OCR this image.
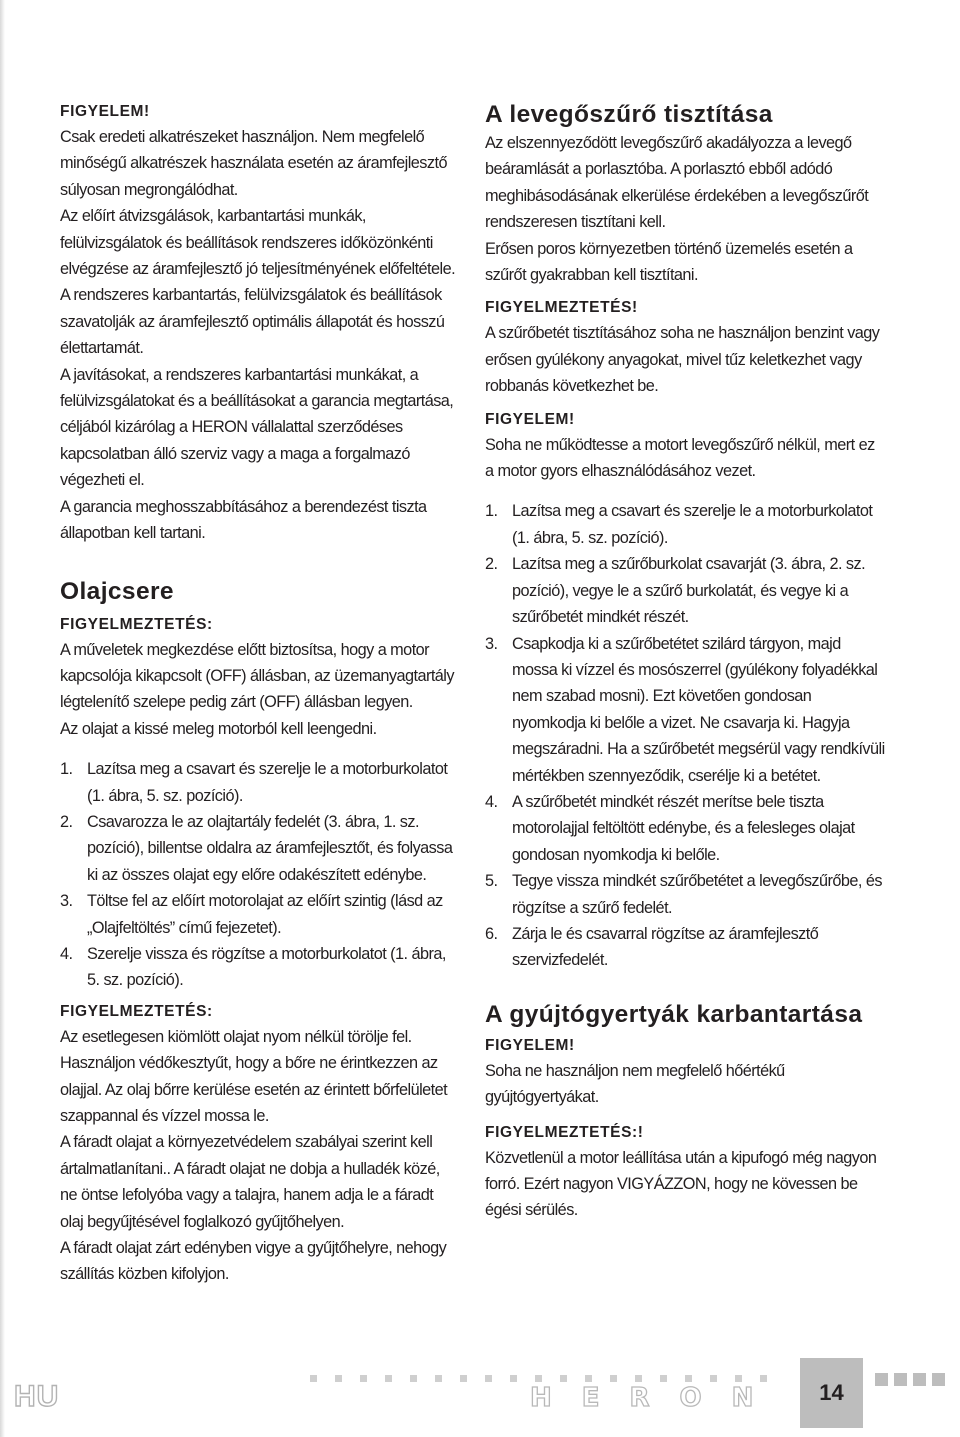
FIGYELEM!

Csak eredeti alkatrészeket használjon. Nem megfelelő minőségű alkatrészek használata esetén az áramfejlesztő súlyosan megrongálódhat.

Az előírt átvizsgálások, karbantartási munkák, felülvizsgálatok és beállítások rendszeres időközönkénti elvégzése az áramfejlesztő jó teljesítményének előfeltétele.

A rendszeres karbantartás, felülvizsgálatok és beállítások szavatolják az áramfejlesztő optimális állapotát és hosszú élettartamát.

A javításokat, a rendszeres karbantartási munkákat, a felülvizsgálatokat és a beállításokat a garancia megtartása, céljából kizárólag a HERON vállalattal szerződéses kapcsolatban álló szerviz vagy a maga a forgalmazó végezheti el.

A garancia meghosszabbításához a berendezést tiszta állapotban kell tartani.

Olajcsere
FIGYELMEZTETÉS:

A műveletek megkezdése előtt biztosítsa, hogy a motor kapcsolója kikapcsolt (OFF) állásban, az üzemanyagtartály légtelenítő szelepe pedig zárt (OFF) állásban legyen.

Az olajat a kissé meleg motorból kell leengedni.

1. Lazítsa meg a csavart és szerelje le a motorburkolatot (1. ábra, 5. sz. pozíció).
2. Csavarozza le az olajtartály fedelét (3. ábra, 1. sz. pozíció), billentse oldalra az áramfejlesztőt, és folyassa ki az összes olajat egy előre odakészített edénybe.
3. Töltse fel az előírt motorolajat az előírt szintig (lásd az „Olajfeltöltés” című fejezetet).
4. Szerelje vissza és rögzítse a motorburkolatot (1. ábra, 5. sz. pozíció).
FIGYELMEZTETÉS:

Az esetlegesen kiömlött olajat nyom nélkül törölje fel. Használjon védőkesztyűt, hogy a bőre ne érintkezzen az olajjal. Az olaj bőrre kerülése esetén az érintett bőrfelületet szappannal és vízzel mossa le.

A fáradt olajat a környezetvédelem szabályai szerint kell ártalmatlanítani.. A fáradt olajat ne dobja a hulladék közé, ne öntse lefolyóba vagy a talajra, hanem adja le a fáradt olaj begyűjtésével foglalkozó gyűjtőhelyen.

A fáradt olajat zárt edényben vigye a gyűjtőhelyre, nehogy szállítás közben kifolyjon.

A levegőszűrő tisztítása

Az elszennyeződött levegőszűrő akadályozza a levegő beáramlását a porlasztóba. A porlasztó ebből adódó meghibásodásának elkerülése érdekében a levegőszűrőt rendszeresen tisztítani kell.

Erősen poros környezetben történő üzemelés esetén a szűrőt gyakrabban kell tisztítani.

FIGYELMEZTETÉS!

A szűrőbetét tisztításához soha ne használjon benzint vagy erősen gyúlékony anyagokat, mivel tűz keletkezhet vagy robbanás következhet be.

FIGYELEM!

Soha ne működtesse a motort levegőszűrő nélkül, mert ez a motor gyors elhasználódásához vezet.

1. Lazítsa meg a csavart és szerelje le a motorburkolatot (1. ábra, 5. sz. pozíció).
2. Lazítsa meg a szűrőburkolat csavarját (3. ábra, 2. sz. pozíció), vegye le a szűrő burkolatát, és vegye ki a szűrőbetét mindkét részét.
3. Csapkodja ki a szűrőbetétet szilárd tárgyon, majd mossa ki vízzel és mosószerrel (gyúlékony folyadékkal nem szabad mosni). Ezt követően gondosan nyomkodja ki belőle a vizet. Ne csavarja ki. Hagyja megszáradni. Ha a szűrőbetét megsérül vagy rendkívüli mértékben szennyeződik, cserélje ki a betétet.
4. A szűrőbetét mindkét részét merítse bele tiszta motorolajjal feltöltött edénybe, és a felesleges olajat gondosan nyomkodja ki belőle.
5. Tegye vissza mindkét szűrőbetétet a levegőszűrőbe, és rögzítse a szűrő fedelét.
6. Zárja le és csavarral rögzítse az áramfejlesztő szervizfedelét.
A gyújtógyertyák karbantartása
FIGYELEM!

Soha ne használjon nem megfelelő hőértékű gyújtógyertyákat.

FIGYELMEZTETÉS:!

Közvetlenül a motor leállítása után a kipufogó még nagyon forró. Ezért nagyon VIGYÁZZON, hogy ne kövessen be égési sérülés.

HU	HERON	14
